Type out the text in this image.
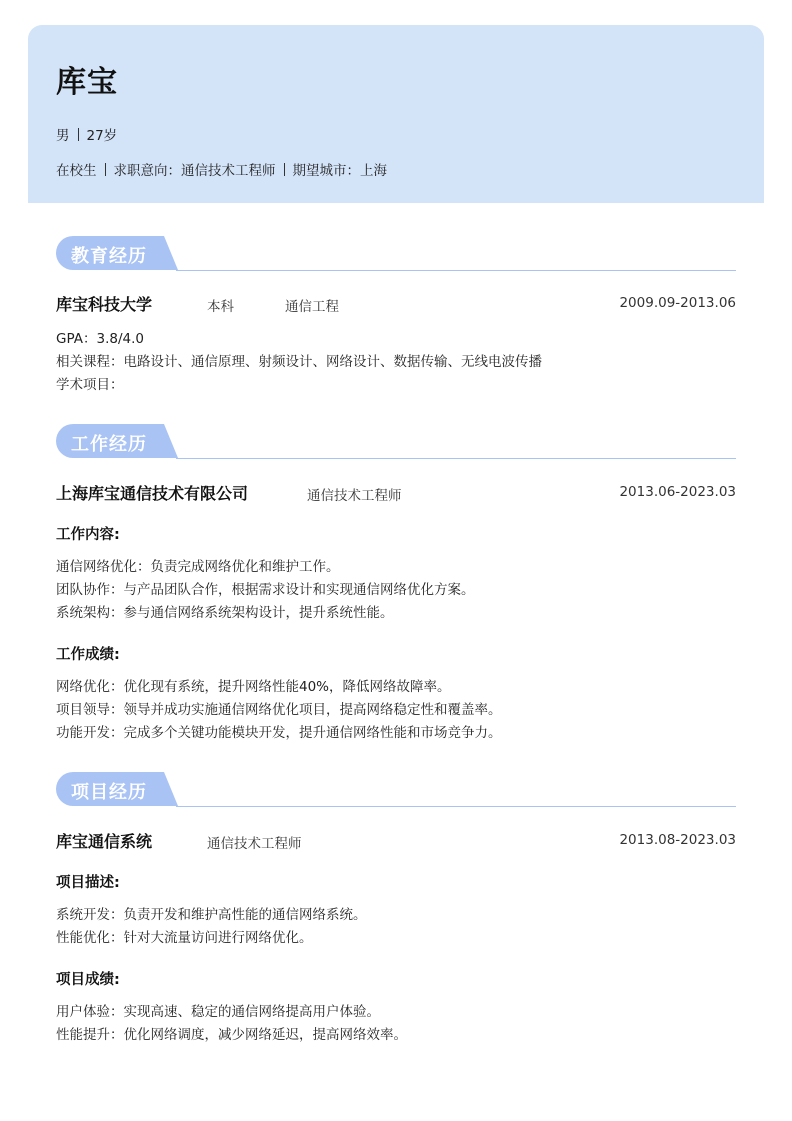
库宝
男 27岁
在校生 求职意向：通信技术工程师 期望城市：上海
教育经历
库宝科技大学	本科	通信工程	2009.09-2013.06
GPA：3.8/4.0
相关课程：电路设计、通信原理、射频设计、网络设计、数据传输、无线电波传播
学术项目：
工作经历
上海库宝通信技术有限公司	通信技术工程师	2013.06-2023.03
工作内容:
通信网络优化：负责完成网络优化和维护工作。
团队协作：与产品团队合作，根据需求设计和实现通信网络优化方案。
系统架构：参与通信网络系统架构设计，提升系统性能。
工作成绩:
网络优化：优化现有系统，提升网络性能40%，降低网络故障率。
项目领导：领导并成功实施通信网络优化项目，提高网络稳定性和覆盖率。
功能开发：完成多个关键功能模块开发，提升通信网络性能和市场竞争力。
项目经历
库宝通信系统	通信技术工程师	2013.08-2023.03
项目描述:
系统开发：负责开发和维护高性能的通信网络系统。
性能优化：针对大流量访问进行网络优化。
项目成绩:
用户体验：实现高速、稳定的通信网络提高用户体验。
性能提升：优化网络调度，减少网络延迟，提高网络效率。
